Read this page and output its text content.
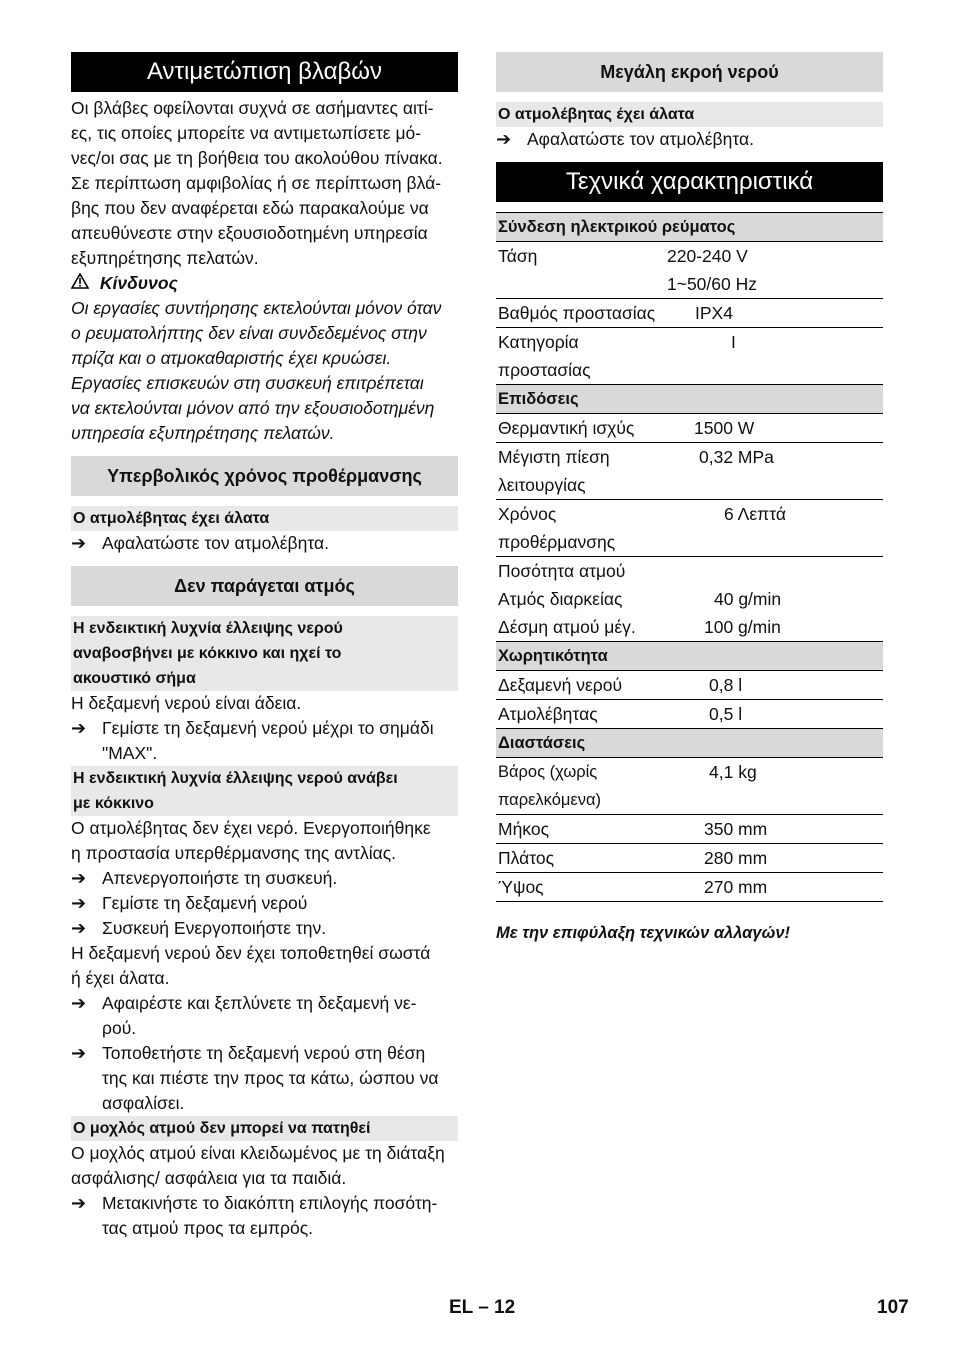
Αντιμετώπιση βλαβών

Οι βλάβες οφείλονται συχνά σε ασήμαντες αιτί-

ες, τις οποίες μπορείτε να αντιμετωπίσετε μό-

νες/οι σας με τη βοήθεια του ακολούθου πίνακα.

Σε περίπτωση αμφιβολίας ή σε περίπτωση βλά-

βης που δεν αναφέρεται εδώ παρακαλούμε να

απευθύνεστε στην εξουσιοδοτημένη υπηρεσία

εξυπηρέτησης πελατών.

Κίνδυνος

Οι εργασίες συντήρησης εκτελούνται μόνον όταν

ο ρευματολήπτης δεν είναι συνδεδεμένος στην

πρίζα και ο ατμοκαθαριστής έχει κρυώσει.

Εργασίες επισκευών στη συσκευή επιτρέπεται

να εκτελούνται μόνον από την εξουσιοδοτημένη

υπηρεσία εξυπηρέτησης πελατών.

Υπερβολικός χρόνος προθέρμανσης
Ο ατμολέβητας έχει άλατα
➔ Αφαλατώστε τον ατμολέβητα.
Δεν παράγεται ατμός
Η ενδεικτική λυχνία έλλειψης νερού
αναβοσβήνει με κόκκινο και ηχεί το
ακουστικό σήμα

Η δεξαμενή νερού είναι άδεια.

➔ Γεμίστε τη δεξαμενή νερού μέχρι το σημάδι
"MAX".
Η ενδεικτική λυχνία έλλειψης νερού ανάβει
με κόκκινο

Ο ατμολέβητας δεν έχει νερό. Ενεργοποιήθηκε

η προστασία υπερθέρμανσης της αντλίας.

➔ Απενεργοποιήστε τη συσκευή.
➔ Γεμίστε τη δεξαμενή νερού
➔ Συσκευή Ενεργοποιήστε την.

Η δεξαμενή νερού δεν έχει τοποθετηθεί σωστά

ή έχει άλατα.

➔ Αφαιρέστε και ξεπλύνετε τη δεξαμενή νε-
ρού.
➔ Τοποθετήστε τη δεξαμενή νερού στη θέση
της και πιέστε την προς τα κάτω, ώσπου να
ασφαλίσει.
Ο μοχλός ατμού δεν μπορεί να πατηθεί

Ο μοχλός ατμού είναι κλειδωμένος με τη διάταξη

ασφάλισης/ ασφάλεια για τα παιδιά.

➔ Μετακινήστε το διακόπτη επιλογής ποσότη-
τας ατμού προς τα εμπρός.
Μεγάλη εκροή νερού
Ο ατμολέβητας έχει άλατα
➔ Αφαλατώστε τον ατμολέβητα.
Τεχνικά χαρακτηριστικά
Σύνδεση ηλεκτρικού ρεύματος	
Τάση	220-240 V
	1~50/60 Hz
Βαθμός προστασίας	IPX4
Κατηγορία προστασίας	I
Επιδόσεις	
Θερμαντική ισχύς	1500 W
Μέγιστη πίεση λειτουργίας	0,32 MPa
Χρόνος προθέρμανσης	6 Λεπτά
Ποσότητα ατμού	
Ατμός διαρκείας	40 g/min
Δέσμη ατμού μέγ.	100 g/min
Χωρητικότητα	
Δεξαμενή νερού	0,8 l
Ατμολέβητας	0,5 l
Διαστάσεις	
Βάρος (χωρίς παρελκόμενα)	4,1 kg
Μήκος	350 mm
Πλάτος	280 mm
Ύψος	270 mm
Με την επιφύλαξη τεχνικών αλλαγών!
EL – 12	107
